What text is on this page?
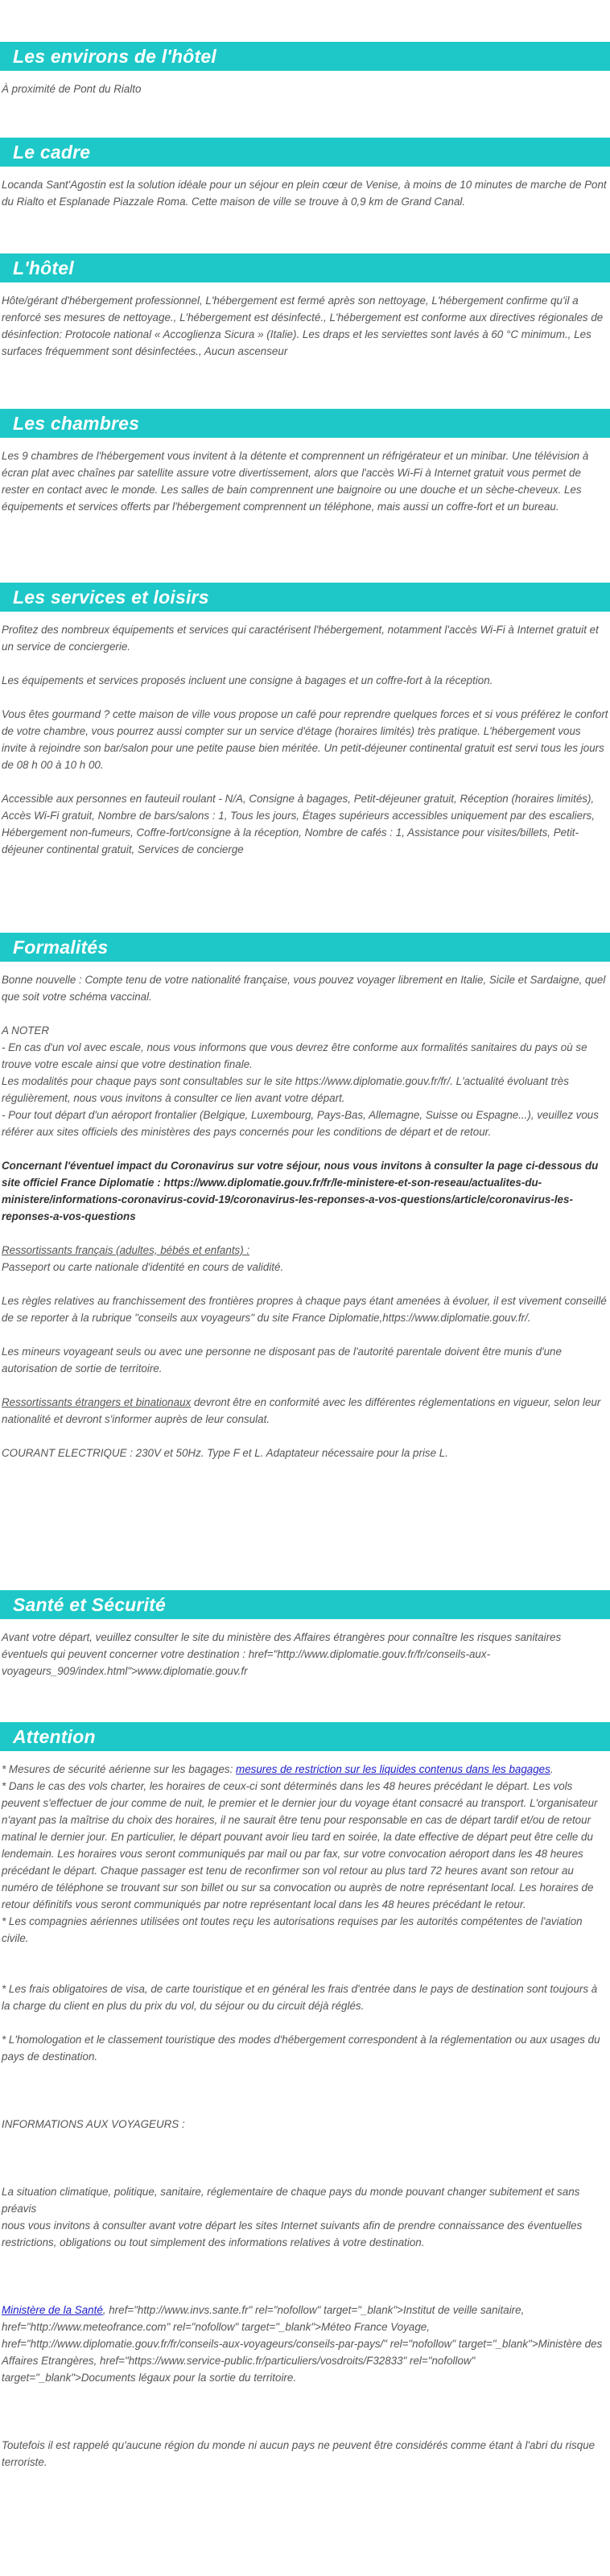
Les environs de l'hôtel

À proximité de Pont du Rialto

Le cadre

Locanda Sant'Agostin est la solution idéale pour un séjour en plein cœur de Venise, à moins de 10 minutes de marche de Pont du Rialto et Esplanade Piazzale Roma. Cette maison de ville se trouve à 0,9 km de Grand Canal.

L'hôtel

Hôte/gérant d'hébergement professionnel, L'hébergement est fermé après son nettoyage, L'hébergement confirme qu'il a renforcé ses mesures de nettoyage., L'hébergement est désinfecté., L'hébergement est conforme aux directives régionales de désinfection: Protocole national « Accoglienza Sicura » (Italie). Les draps et les serviettes sont lavés à 60 °C minimum., Les surfaces fréquemment sont désinfectées., Aucun ascenseur

Les chambres

Les 9 chambres de l'hébergement vous invitent à la détente et comprennent un réfrigérateur et un minibar. Une télévision à écran plat avec chaînes par satellite assure votre divertissement, alors que l'accès Wi-Fi à Internet gratuit vous permet de rester en contact avec le monde. Les salles de bain comprennent une baignoire ou une douche et un sèche-cheveux. Les équipements et services offerts par l'hébergement comprennent un téléphone, mais aussi un coffre-fort et un bureau.

Les services et loisirs

Profitez des nombreux équipements et services qui caractérisent l'hébergement, notamment l'accès Wi-Fi à Internet gratuit et un service de conciergerie.

Les équipements et services proposés incluent une consigne à bagages et un coffre-fort à la réception.

Vous êtes gourmand ? cette maison de ville vous propose un café pour reprendre quelques forces et si vous préférez le confort de votre chambre, vous pourrez aussi compter sur un service d'étage (horaires limités) très pratique. L'hébergement vous invite à rejoindre son bar/salon pour une petite pause bien méritée. Un petit-déjeuner continental gratuit est servi tous les jours de 08 h 00 à 10 h 00.

Accessible aux personnes en fauteuil roulant - N/A, Consigne à bagages, Petit-déjeuner gratuit, Réception (horaires limités), Accès Wi-Fi gratuit, Nombre de bars/salons : 1, Tous les jours, Étages supérieurs accessibles uniquement par des escaliers, Hébergement non-fumeurs, Coffre-fort/consigne à la réception, Nombre de cafés : 1, Assistance pour visites/billets, Petit-déjeuner continental gratuit, Services de concierge

Formalités

Bonne nouvelle : Compte tenu de votre nationalité française, vous pouvez voyager librement en Italie, Sicile et Sardaigne, quel que soit votre schéma vaccinal.

A NOTER

- En cas d'un vol avec escale, nous vous informons que vous devrez être conforme aux formalités sanitaires du pays où se trouve votre escale ainsi que votre destination finale.

Les modalités pour chaque pays sont consultables sur le site https://www.diplomatie.gouv.fr/fr/. L'actualité évoluant très régulièrement, nous vous invitons à consulter ce lien avant votre départ.

- Pour tout départ d'un aéroport frontalier (Belgique, Luxembourg, Pays-Bas, Allemagne, Suisse ou Espagne...), veuillez vous référer aux sites officiels des ministères des pays concernés pour les conditions de départ et de retour.

Concernant l'éventuel impact du Coronavirus sur votre séjour, nous vous invitons à consulter la page ci-dessous du site officiel France Diplomatie : https://www.diplomatie.gouv.fr/fr/le-ministere-et-son-reseau/actualites-du-ministere/informations-coronavirus-covid-19/coronavirus-les-reponses-a-vos-questions/article/coronavirus-les-reponses-a-vos-questions

Ressortissants français (adultes, bébés et enfants) :

Passeport ou carte nationale d'identité en cours de validité.

Les règles relatives au franchissement des frontières propres à chaque pays étant amenées à évoluer, il est vivement conseillé de se reporter à la rubrique "conseils aux voyageurs" du site France Diplomatie,https://www.diplomatie.gouv.fr/.

Les mineurs voyageant seuls ou avec une personne ne disposant pas de l'autorité parentale doivent être munis d'une autorisation de sortie de territoire.

Ressortissants étrangers et binationaux devront être en conformité avec les différentes réglementations en vigueur, selon leur nationalité et devront s'informer auprès de leur consulat.

COURANT ELECTRIQUE : 230V et 50Hz. Type F et L. Adaptateur nécessaire pour la prise L.

Santé et Sécurité

Avant votre départ, veuillez consulter le site du ministère des Affaires étrangères pour connaître les risques sanitaires éventuels qui peuvent concerner votre destination : href="http://www.diplomatie.gouv.fr/fr/conseils-aux-voyageurs_909/index.html">www.diplomatie.gouv.fr

Attention

* Mesures de sécurité aérienne sur les bagages: mesures de restriction sur les liquides contenus dans les bagages.

* Dans le cas des vols charter, les horaires de ceux-ci sont déterminés dans les 48 heures précédant le départ. Les vols peuvent s'effectuer de jour comme de nuit, le premier et le dernier jour du voyage étant consacré au transport. L'organisateur n'ayant pas la maîtrise du choix des horaires, il ne saurait être tenu pour responsable en cas de départ tardif et/ou de retour matinal le dernier jour. En particulier, le départ pouvant avoir lieu tard en soirée, la date effective de départ peut être celle du lendemain. Les horaires vous seront communiqués par mail ou par fax, sur votre convocation aéroport dans les 48 heures précédant le départ. Chaque passager est tenu de reconfirmer son vol retour au plus tard 72 heures avant son retour au numéro de téléphone se trouvant sur son billet ou sur sa convocation ou auprès de notre représentant local. Les horaires de retour définitifs vous seront communiqués par notre représentant local dans les 48 heures précédant le retour.

* Les compagnies aériennes utilisées ont toutes reçu les autorisations requises par les autorités compétentes de l'aviation civile.

* Les frais obligatoires de visa, de carte touristique et en général les frais d'entrée dans le pays de destination sont toujours à la charge du client en plus du prix du vol, du séjour ou du circuit déjà réglés.

* L'homologation et le classement touristique des modes d'hébergement correspondent à la réglementation ou aux usages du pays de destination.

INFORMATIONS AUX VOYAGEURS :

La situation climatique, politique, sanitaire, réglementaire de chaque pays du monde pouvant changer subitement et sans préavis

nous vous invitons à consulter avant votre départ les sites Internet suivants afin de prendre connaissance des éventuelles restrictions, obligations ou tout simplement des informations relatives à votre destination.

Ministère de la Santé, href="http://www.invs.sante.fr" rel="nofollow" target="_blank">Institut de veille sanitaire, href="http://www.meteofrance.com" rel="nofollow" target="_blank">Méteo France Voyage, href="http://www.diplomatie.gouv.fr/fr/conseils-aux-voyageurs/conseils-par-pays/" rel="nofollow" target="_blank">Ministère des Affaires Etrangères, href="https://www.service-public.fr/particuliers/vosdroits/F32833" rel="nofollow" target="_blank">Documents légaux pour la sortie du territoire.

Toutefois il est rappelé qu'aucune région du monde ni aucun pays ne peuvent être considérés comme étant à l'abri du risque terroriste.
